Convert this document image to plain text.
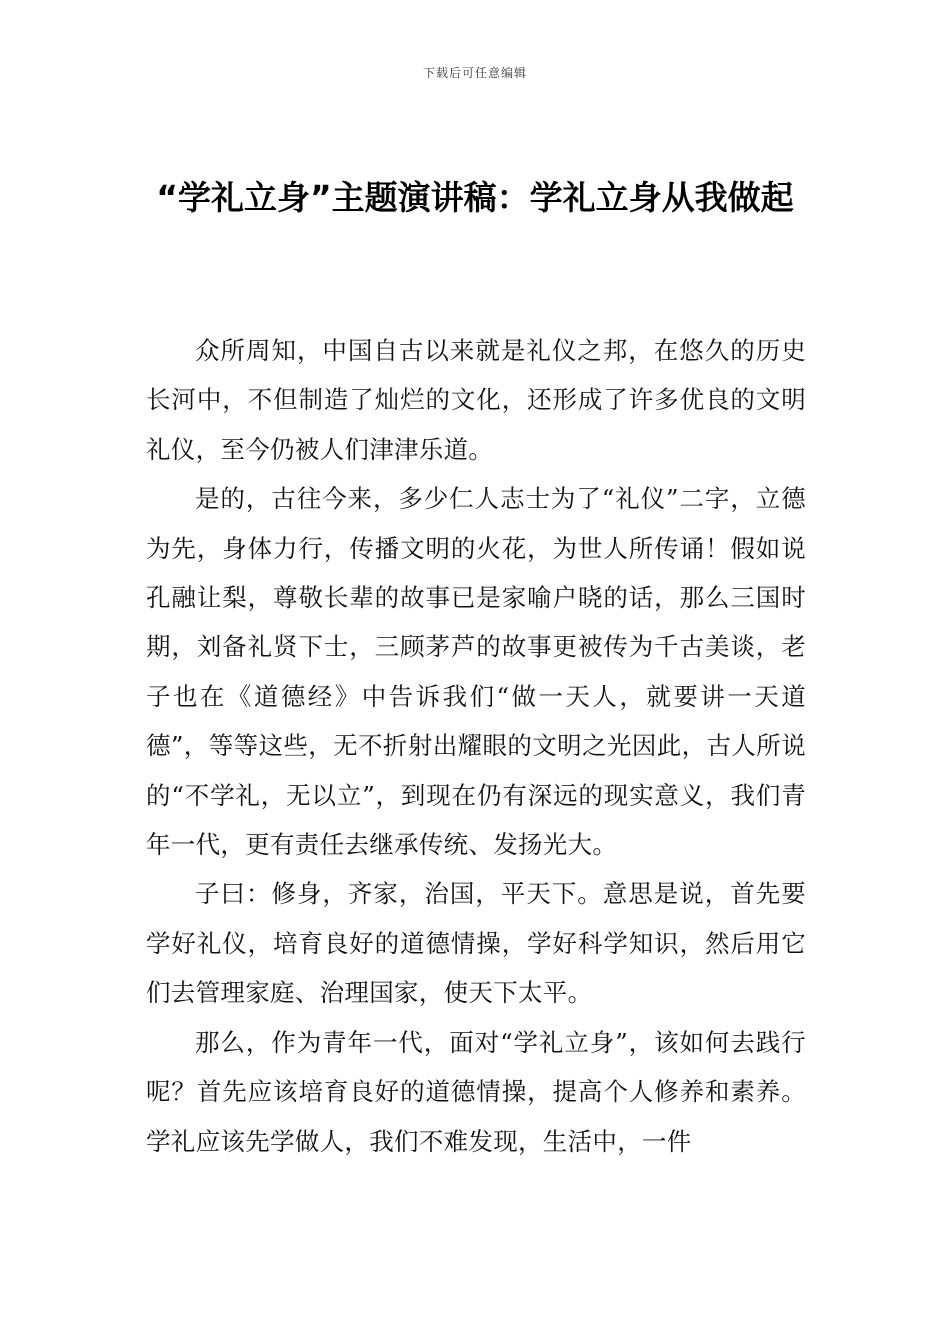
下载后可任意编辑
“学礼立身”主题演讲稿：学礼立身从我做起

众所周知，中国自古以来就是礼仪之邦，在悠久的历史长河中，不但制造了灿烂的文化，还形成了许多优良的文明礼仪，至今仍被人们津津乐道。

是的，古往今来，多少仁人志士为了“礼仪”二字，立德为先，身体力行，传播文明的火花，为世人所传诵！假如说孔融让梨，尊敬长辈的故事已是家喻户晓的话，那么三国时期，刘备礼贤下士，三顾茅芦的故事更被传为千古美谈，老子也在《道德经》中告诉我们“做一天人，就要讲一天道德”，等等这些，无不折射出耀眼的文明之光因此，古人所说的“不学礼，无以立”，到现在仍有深远的现实意义，我们青年一代，更有责任去继承传统、发扬光大。

子曰：修身，齐家，治国，平天下。意思是说，首先要学好礼仪，培育良好的道德情操，学好科学知识，然后用它们去管理家庭、治理国家，使天下太平。

那么，作为青年一代，面对“学礼立身”，该如何去践行呢？首先应该培育良好的道德情操，提高个人修养和素养。学礼应该先学做人，我们不难发现，生活中，一件
